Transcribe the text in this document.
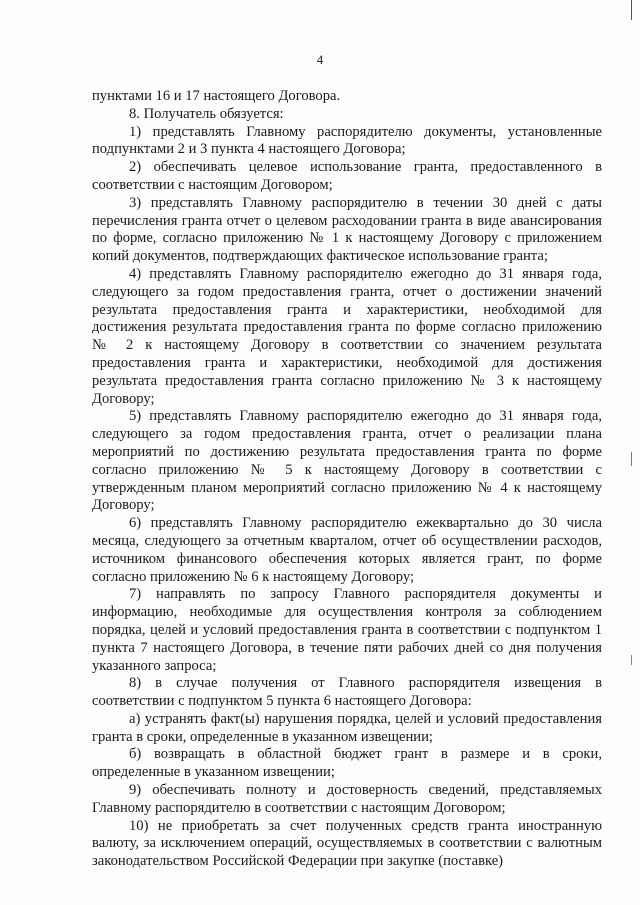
4

пунктами 16 и 17 настоящего Договора.

8. Получатель обязуется:

1) представлять Главному распорядителю документы, установленные подпунктами 2 и 3 пункта 4 настоящего Договора;

2) обеспечивать целевое использование гранта, предоставленного в соответствии с настоящим Договором;

3) представлять Главному распорядителю в течении 30 дней с даты перечисления гранта отчет о целевом расходовании гранта в виде авансирования по форме, согласно приложению № 1 к настоящему Договору с приложением копий документов, подтверждающих фактическое использование гранта;

4) представлять Главному распорядителю ежегодно до 31 января года, следующего за годом предоставления гранта, отчет о достижении значений результата предоставления гранта и характеристики, необходимой для достижения результата предоставления гранта по форме согласно приложению № 2 к настоящему Договору в соответствии со значением результата предоставления гранта и характеристики, необходимой для достижения результата предоставления гранта согласно приложению № 3 к настоящему Договору;

5) представлять Главному распорядителю ежегодно до 31 января года, следующего за годом предоставления гранта, отчет о реализации плана мероприятий по достижению результата предоставления гранта по форме согласно приложению № 5 к настоящему Договору в соответствии с утвержденным планом мероприятий согласно приложению № 4 к настоящему Договору;

6) представлять Главному распорядителю ежеквартально до 30 числа месяца, следующего за отчетным кварталом, отчет об осуществлении расходов, источником финансового обеспечения которых является грант, по форме согласно приложению № 6 к настоящему Договору;

7) направлять по запросу Главного распорядителя документы и информацию, необходимые для осуществления контроля за соблюдением порядка, целей и условий предоставления гранта в соответствии с подпунктом 1 пункта 7 настоящего Договора, в течение пяти рабочих дней со дня получения указанного запроса;

8) в случае получения от Главного распорядителя извещения в соответствии с подпунктом 5 пункта 6 настоящего Договора:

а) устранять факт(ы) нарушения порядка, целей и условий предоставления гранта в сроки, определенные в указанном извещении;

б) возвращать в областной бюджет грант в размере и в сроки, определенные в указанном извещении;

9) обеспечивать полноту и достоверность сведений, представляемых Главному распорядителю в соответствии с настоящим Договором;

10) не приобретать за счет полученных средств гранта иностранную валюту, за исключением операций, осуществляемых в соответствии с валютным законодательством Российской Федерации при закупке (поставке)
